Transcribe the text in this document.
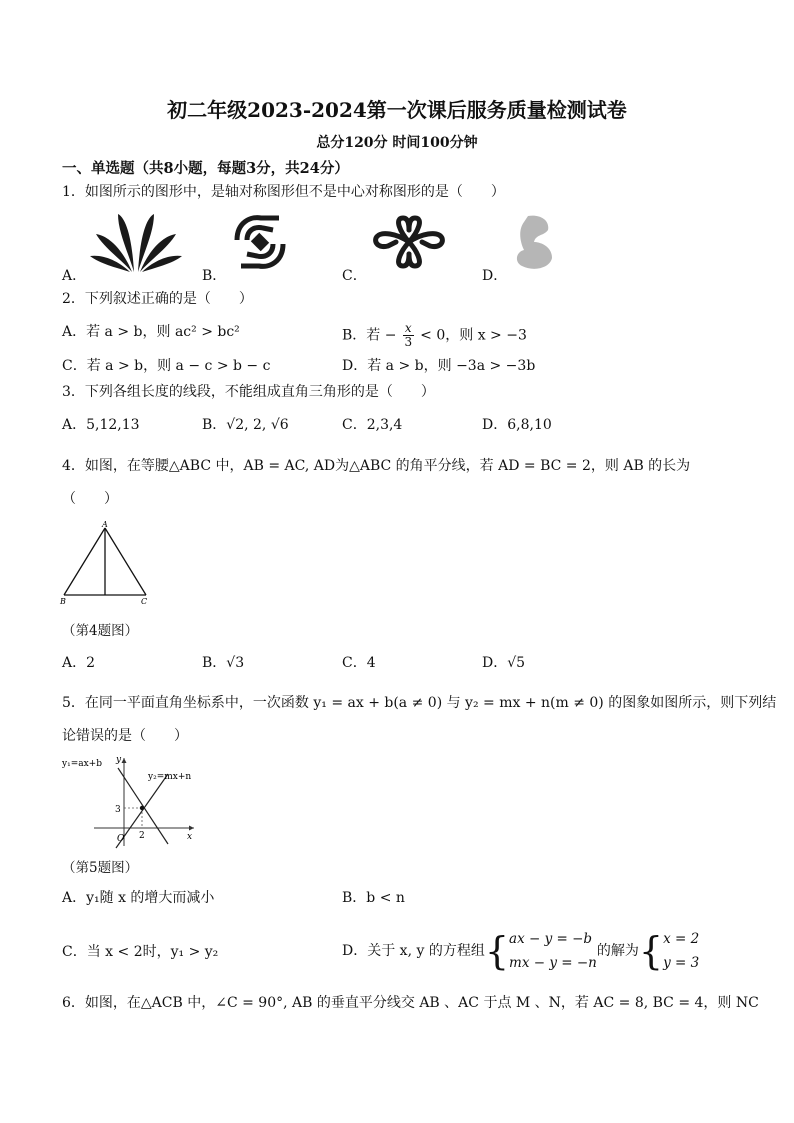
初二年级2023-2024第一次课后服务质量检测试卷
总分120分 时间100分钟
一、单选题（共8小题，每题3分，共24分）
1．如图所示的图形中，是轴对称图形但不是中心对称图形的是（　　）
A．	B．	C．	D．
2．下列叙述正确的是（　　）
A．若 a > b，则 ac² > bc²	B．若 − $\frac{x}{3} < 0$，则 x > −3
C．若 a > b，则 a − c > b − c	D．若 a > b，则 −3a > −3b
3．下列各组长度的线段，不能组成直角三角形的是（　　）
A．5,12,13	B．√2, 2, √6	C．2,3,4	D．6,8,10
4．如图，在等腰△ABC 中，AB = AC, AD为△ABC 的角平分线，若 AD = BC = 2，则 AB 的长为
（　　）
A
B	C
（第4题图）
A．2	B．√3	C．4	D．√5
5．在同一平面直角坐标系中，一次函数 y₁ = ax + b(a ≠ 0) 与 y₂ = mx + n(m ≠ 0) 的图象如图所示，则下列结
论错误的是（　　）
y₁=ax+b
y₂=mx+n
y
x
O
3
2
（第5题图）
A．y₁随 x 的增大而减小	B．b < n
C．当 x < 2时，y₁ > y₂	D．关于 x, y 的方程组 { ax − y = −b
mx − y = −n
的解为 { x = 2
y = 3
6．如图，在△ACB 中，∠C = 90°, AB 的垂直平分线交 AB 、AC 于点 M 、N，若 AC = 8, BC = 4，则 NC
